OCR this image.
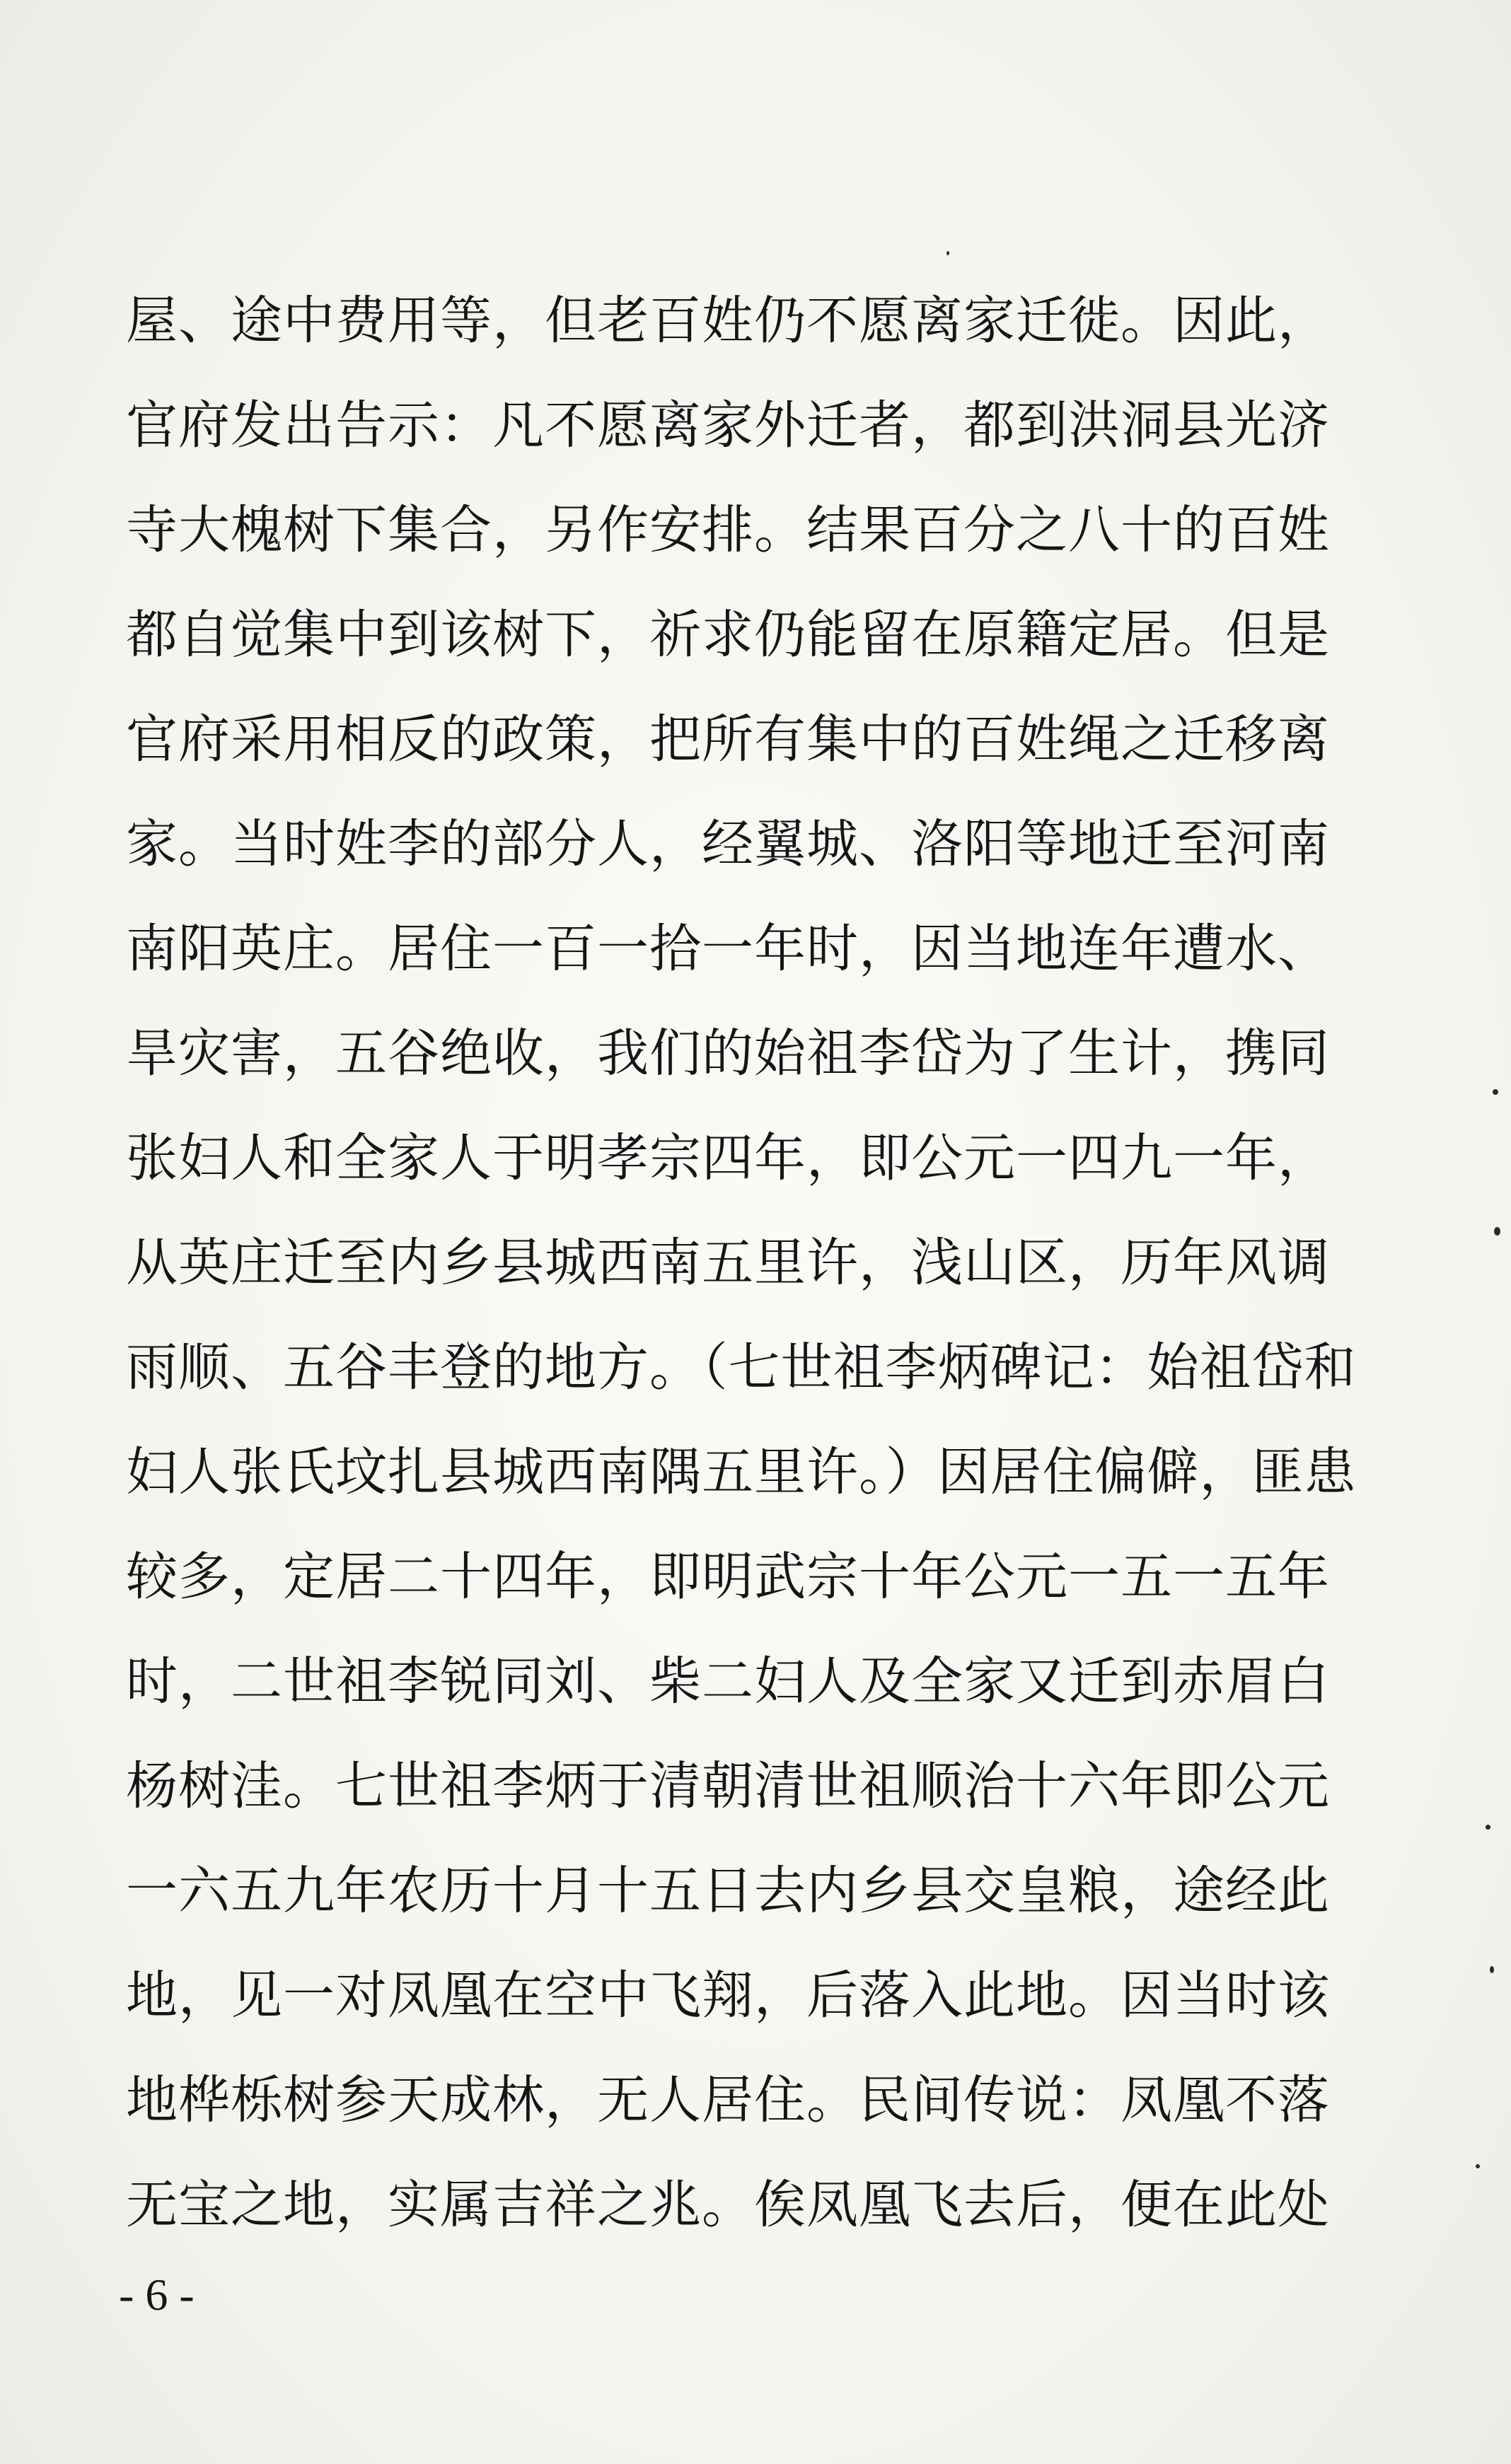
屋、途中费用等，但老百姓仍不愿离家迁徙。因此，
官府发出告示：凡不愿离家外迁者，都到洪洞县光济
寺大槐树下集合，另作安排。结果百分之八十的百姓
都自觉集中到该树下，祈求仍能留在原籍定居。但是
官府采用相反的政策，把所有集中的百姓绳之迁移离
家。当时姓李的部分人，经翼城、洛阳等地迁至河南
南阳英庄。居住一百一拾一年时，因当地连年遭水、
旱灾害，五谷绝收，我们的始祖李岱为了生计，携同
张妇人和全家人于明孝宗四年，即公元一四九一年，
从英庄迁至内乡县城西南五里许，浅山区，历年风调
雨顺、五谷丰登的地方。（七世祖李炳碑记：始祖岱和
妇人张氏坟扎县城西南隅五里许。）因居住偏僻，匪患
较多，定居二十四年，即明武宗十年公元一五一五年
时，二世祖李锐同刘、柴二妇人及全家又迁到赤眉白
杨树洼。七世祖李炳于清朝清世祖顺治十六年即公元
一六五九年农历十月十五日去内乡县交皇粮，途经此
地，见一对凤凰在空中飞翔，后落入此地。因当时该
地桦栎树参天成林，无人居住。民间传说：凤凰不落
无宝之地，实属吉祥之兆。俟凤凰飞去后，便在此处
- 6 -
